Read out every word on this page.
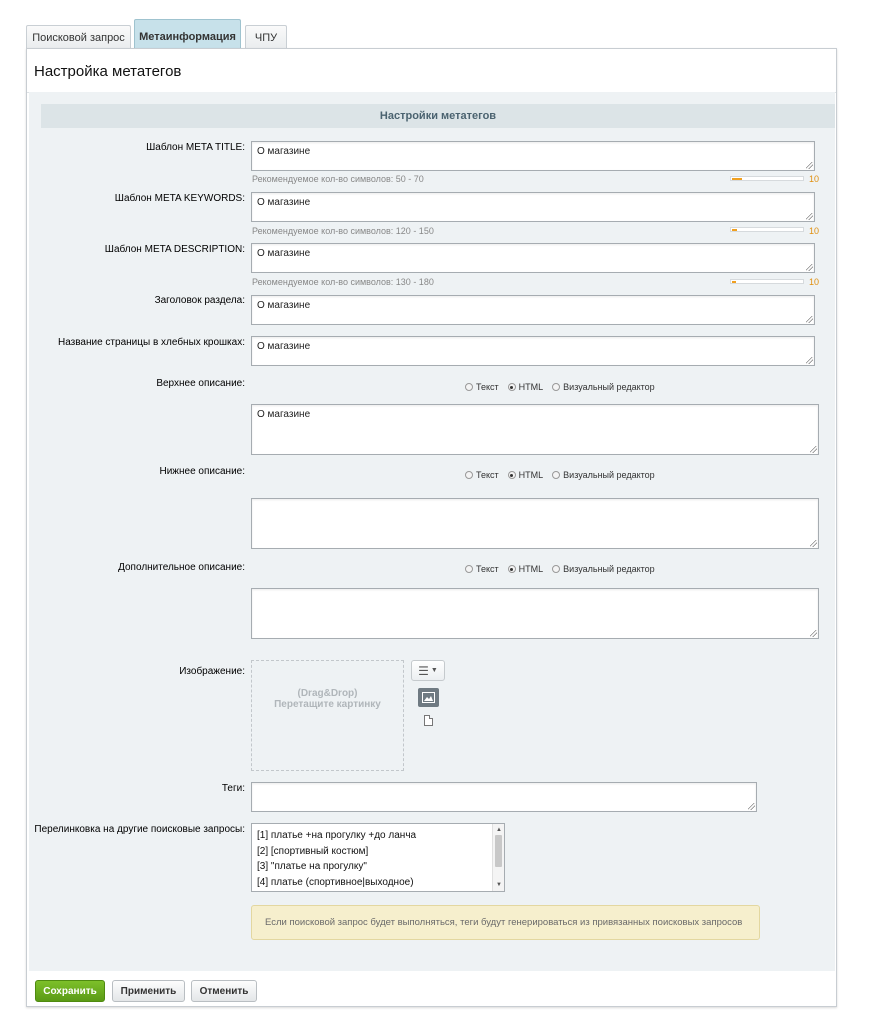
Поисковой запрос Метаинформация ЧПУ
Настройка метатегов
Настройки метатегов
Шаблон META TITLE:	О магазине
Рекомендуемое кол-во символов: 50 - 70	10
Шаблон META KEYWORDS:	О магазине
Рекомендуемое кол-во символов: 120 - 150	10
Шаблон META DESCRIPTION:	О магазине
Рекомендуемое кол-во символов: 130 - 180	10
Заголовок раздела:	О магазине
Название страницы в хлебных крошках:	О магазине
Верхнее описание:	Текст HTML Визуальный редактор
О магазине
Нижнее описание:	Текст HTML Визуальный редактор
Дополнительное описание:	Текст HTML Визуальный редактор
Изображение:
(Drag&Drop)
Перетащите картинку
☰ ▼
Теги:
Перелинковка на другие поисковые запросы:
[1] платье +на прогулку +до ланча
[2] [спортивный костюм]
[3] "платье на прогулку"
[4] платье (спортивное|выходное)
▲
▼
Если поисковой запрос будет выполняться, теги будут генерироваться из привязанных поисковых запросов
Сохранить	Применить	Отменить
